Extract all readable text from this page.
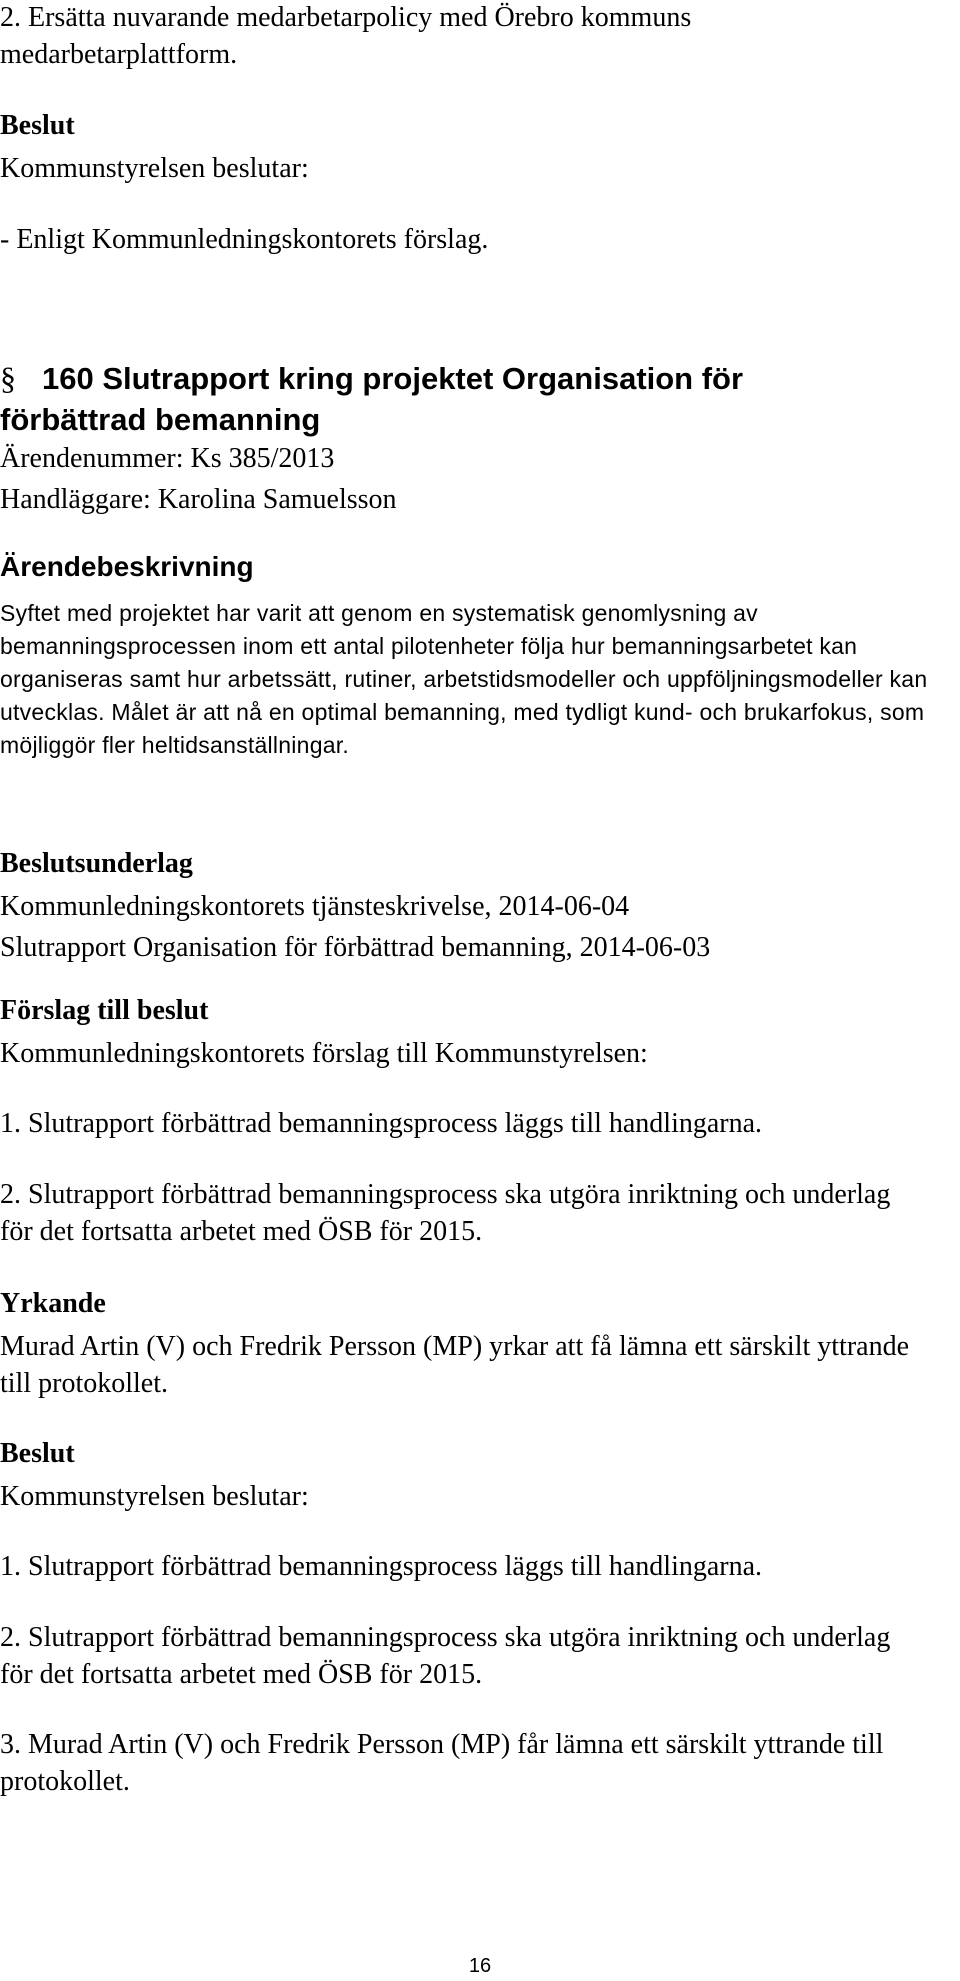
2. Ersätta nuvarande medarbetarpolicy med Örebro kommuns medarbetarplattform.

Beslut

Kommunstyrelsen beslutar:

- Enligt Kommunledningskontorets förslag.

§ 160 Slutrapport kring projektet Organisation för förbättrad bemanning

Ärendenummer: Ks 385/2013

Handläggare: Karolina Samuelsson

Ärendebeskrivning

Syftet med projektet har varit att genom en systematisk genomlysning av bemanningsprocessen inom ett antal pilotenheter följa hur bemanningsarbetet kan organiseras samt hur arbetssätt, rutiner, arbetstidsmodeller och uppföljningsmodeller kan utvecklas. Målet är att nå en optimal bemanning, med tydligt kund- och brukarfokus, som möjliggör fler heltidsanställningar.

Beslutsunderlag

Kommunledningskontorets tjänsteskrivelse, 2014-06-04

Slutrapport Organisation för förbättrad bemanning, 2014-06-03

Förslag till beslut

Kommunledningskontorets förslag till Kommunstyrelsen:

1. Slutrapport förbättrad bemanningsprocess läggs till handlingarna.

2. Slutrapport förbättrad bemanningsprocess ska utgöra inriktning och underlag för det fortsatta arbetet med ÖSB för 2015.

Yrkande

Murad Artin (V) och Fredrik Persson (MP) yrkar att få lämna ett särskilt yttrande till protokollet.

Beslut

Kommunstyrelsen beslutar:

1. Slutrapport förbättrad bemanningsprocess läggs till handlingarna.

2. Slutrapport förbättrad bemanningsprocess ska utgöra inriktning och underlag för det fortsatta arbetet med ÖSB för 2015.

3. Murad Artin (V) och Fredrik Persson (MP) får lämna ett särskilt yttrande till protokollet.

16
